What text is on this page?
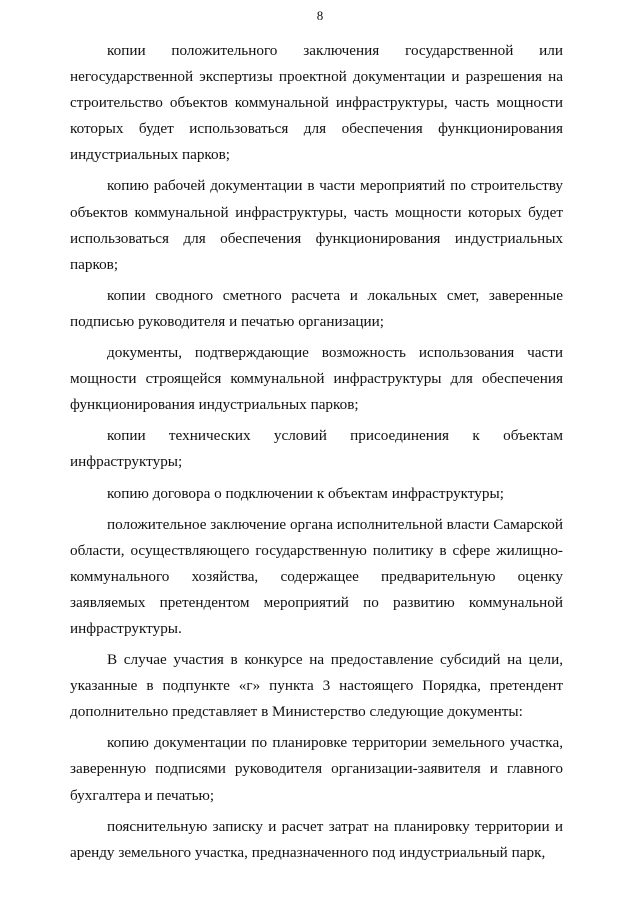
8

копии положительного заключения государственной или негосударственной экспертизы проектной документации и разрешения на строительство объектов коммунальной инфраструктуры, часть мощности которых будет использоваться для обеспечения функционирования индустриальных парков;

копию рабочей документации в части мероприятий по строительству объектов коммунальной инфраструктуры, часть мощности которых будет использоваться для обеспечения функционирования индустриальных парков;

копии сводного сметного расчета и локальных смет, заверенные подписью руководителя и печатью организации;

документы, подтверждающие возможность использования части мощности строящейся коммунальной инфраструктуры для обеспечения функционирования индустриальных парков;

копии технических условий присоединения к объектам инфраструктуры;

копию договора о подключении к объектам инфраструктуры;

положительное заключение органа исполнительной власти Самарской области, осуществляющего государственную политику в сфере жилищно-коммунального хозяйства, содержащее предварительную оценку заявляемых претендентом мероприятий по развитию коммунальной инфраструктуры.

В случае участия в конкурсе на предоставление субсидий на цели, указанные в подпункте «г» пункта 3 настоящего Порядка, претендент дополнительно представляет в Министерство следующие документы:

копию документации по планировке территории земельного участка, заверенную подписями руководителя организации-заявителя и главного бухгалтера и печатью;

пояснительную записку и расчет затрат на планировку территории и аренду земельного участка, предназначенного под индустриальный парк,
